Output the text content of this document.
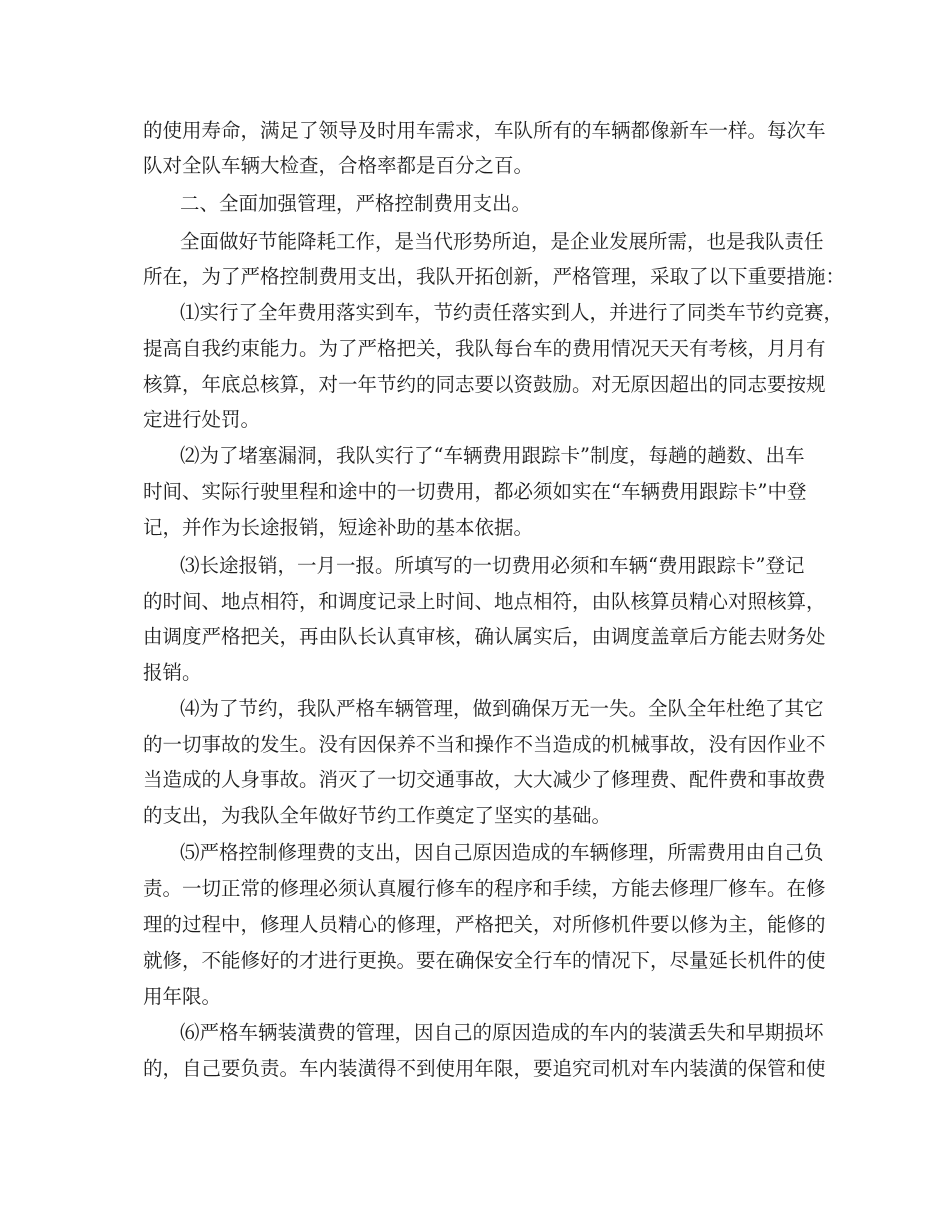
的使用寿命，满足了领导及时用车需求，车队所有的车辆都像新车一样。每次车
队对全队车辆大检查，合格率都是百分之百。
二、全面加强管理，严格控制费用支出。
全面做好节能降耗工作，是当代形势所迫，是企业发展所需，也是我队责任
所在，为了严格控制费用支出，我队开拓创新，严格管理，采取了以下重要措施：
⑴实行了全年费用落实到车，节约责任落实到人，并进行了同类车节约竞赛，
提高自我约束能力。为了严格把关，我队每台车的费用情况天天有考核，月月有
核算，年底总核算，对一年节约的同志要以资鼓励。对无原因超出的同志要按规
定进行处罚。
⑵为了堵塞漏洞，我队实行了“车辆费用跟踪卡”制度，每趟的趟数、出车
时间、实际行驶里程和途中的一切费用，都必须如实在“车辆费用跟踪卡”中登
记，并作为长途报销，短途补助的基本依据。
⑶长途报销，一月一报。所填写的一切费用必须和车辆“费用跟踪卡”登记
的时间、地点相符，和调度记录上时间、地点相符，由队核算员精心对照核算，
由调度严格把关，再由队长认真审核，确认属实后，由调度盖章后方能去财务处
报销。
⑷为了节约，我队严格车辆管理，做到确保万无一失。全队全年杜绝了其它
的一切事故的发生。没有因保养不当和操作不当造成的机械事故，没有因作业不
当造成的人身事故。消灭了一切交通事故，大大减少了修理费、配件费和事故费
的支出，为我队全年做好节约工作奠定了坚实的基础。
⑸严格控制修理费的支出，因自己原因造成的车辆修理，所需费用由自己负
责。一切正常的修理必须认真履行修车的程序和手续，方能去修理厂修车。在修
理的过程中，修理人员精心的修理，严格把关，对所修机件要以修为主，能修的
就修，不能修好的才进行更换。要在确保安全行车的情况下，尽量延长机件的使
用年限。
⑹严格车辆装潢费的管理，因自己的原因造成的车内的装潢丢失和早期损坏
的，自己要负责。车内装潢得不到使用年限，要追究司机对车内装潢的保管和使
